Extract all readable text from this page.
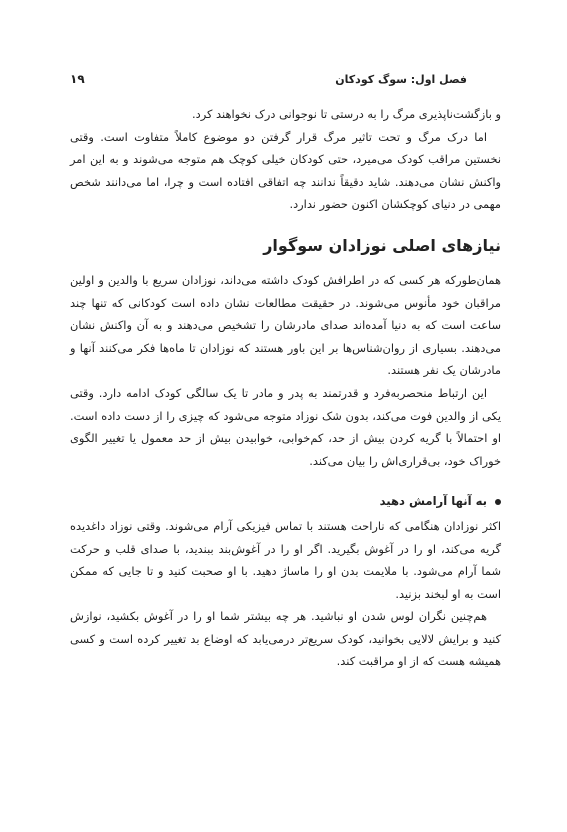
فصل اول: سوگ کودکان
۱۹

و بازگشت‌ناپذیری مرگ را به درستی تا نوجوانی درک نخواهند کرد.

اما درک مرگ و تحت تاثیر مرگ قرار گرفتن دو موضوع کاملاً متفاوت است. وقتی نخستین مراقب کودک می‌میرد، حتی کودکان خیلی کوچک هم متوجه می‌شوند و به این امر واکنش نشان می‌دهند. شاید دقیقاً ندانند چه اتفاقی افتاده است و چرا، اما می‌دانند شخص مهمی در دنیای کوچکشان اکنون حضور ندارد.

نیازهای اصلی نوزادان سوگوار

همان‌طورکه هر کسی که در اطرافش کودک داشته می‌داند، نوزادان سریع با والدین و اولین مراقبان خود مأنوس می‌شوند. در حقیقت مطالعات نشان داده است کودکانی که تنها چند ساعت است که به دنیا آمده‌اند صدای مادرشان را تشخیص می‌دهند و به آن واکنش نشان می‌دهند. بسیاری از روان‌شناس‌ها بر این باور هستند که نوزادان تا ماه‌ها فکر می‌کنند آنها و مادرشان یک نفر هستند.

این ارتباط منحصربه‌فرد و قدرتمند به پدر و مادر تا یک سالگی کودک ادامه دارد. وقتی یکی از والدین فوت می‌کند، بدون شک نوزاد متوجه می‌شود که چیزی را از دست داده است. او احتمالاً با گریه کردن بیش از حد، کم‌خوابی، خوابیدن بیش از حد معمول یا تغییر الگوی خوراک خود، بی‌قراری‌اش را بیان می‌کند.

به آنها آرامش دهید

اکثر نوزادان هنگامی که ناراحت هستند با تماس فیزیکی آرام می‌شوند. وقتی نوزاد داغدیده گریه می‌کند، او را در آغوش بگیرید. اگر او را در آغوش‌بند ببندید، با صدای قلب و حرکت شما آرام می‌شود. با ملایمت بدن او را ماساژ دهید. با او صحبت کنید و تا جایی که ممکن است به او لبخند بزنید.

هم‌چنین نگران لوس شدن او نباشید. هر چه بیشتر شما او را در آغوش بکشید، نوازش کنید و برایش لالایی بخوانید، کودک سریع‌تر درمی‌یابد که اوضاع بد تغییر کرده است و کسی همیشه هست که از او مراقبت کند.
